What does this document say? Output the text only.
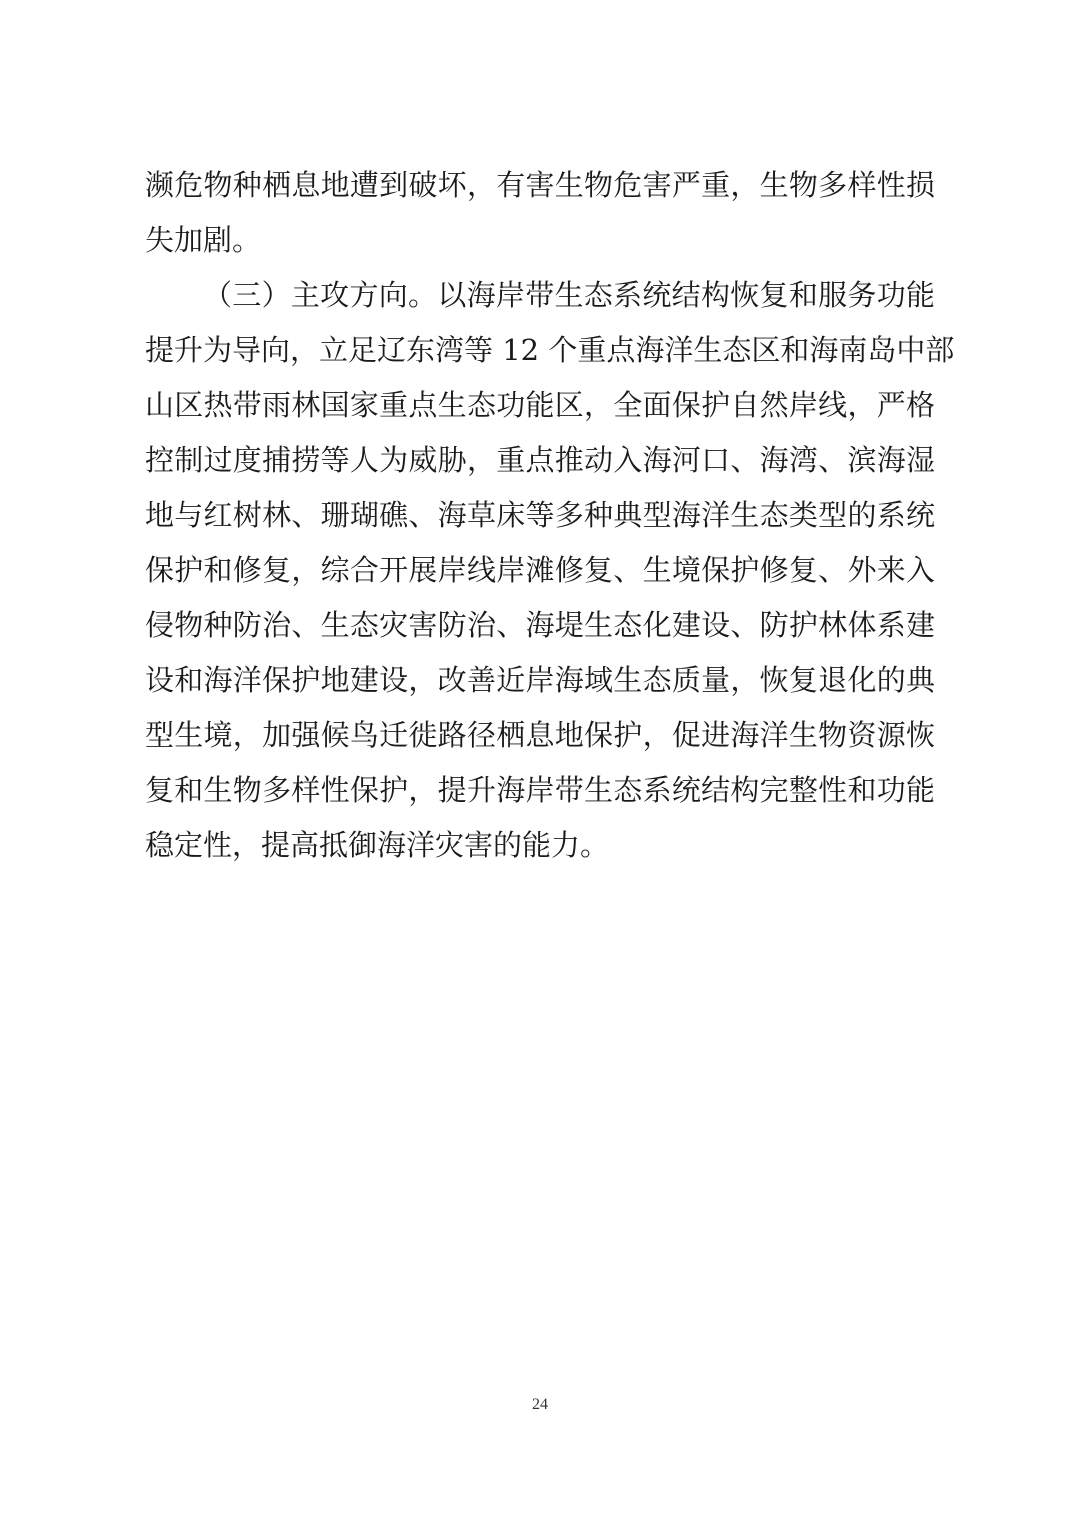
濒危物种栖息地遭到破坏，有害生物危害严重，生物多样性损
失加剧。
（三）主攻方向。以海岸带生态系统结构恢复和服务功能
提升为导向，立足辽东湾等 12 个重点海洋生态区和海南岛中部
山区热带雨林国家重点生态功能区，全面保护自然岸线，严格
控制过度捕捞等人为威胁，重点推动入海河口、海湾、滨海湿
地与红树林、珊瑚礁、海草床等多种典型海洋生态类型的系统
保护和修复，综合开展岸线岸滩修复、生境保护修复、外来入
侵物种防治、生态灾害防治、海堤生态化建设、防护林体系建
设和海洋保护地建设，改善近岸海域生态质量，恢复退化的典
型生境，加强候鸟迁徙路径栖息地保护，促进海洋生物资源恢
复和生物多样性保护，提升海岸带生态系统结构完整性和功能
稳定性，提高抵御海洋灾害的能力。
24
